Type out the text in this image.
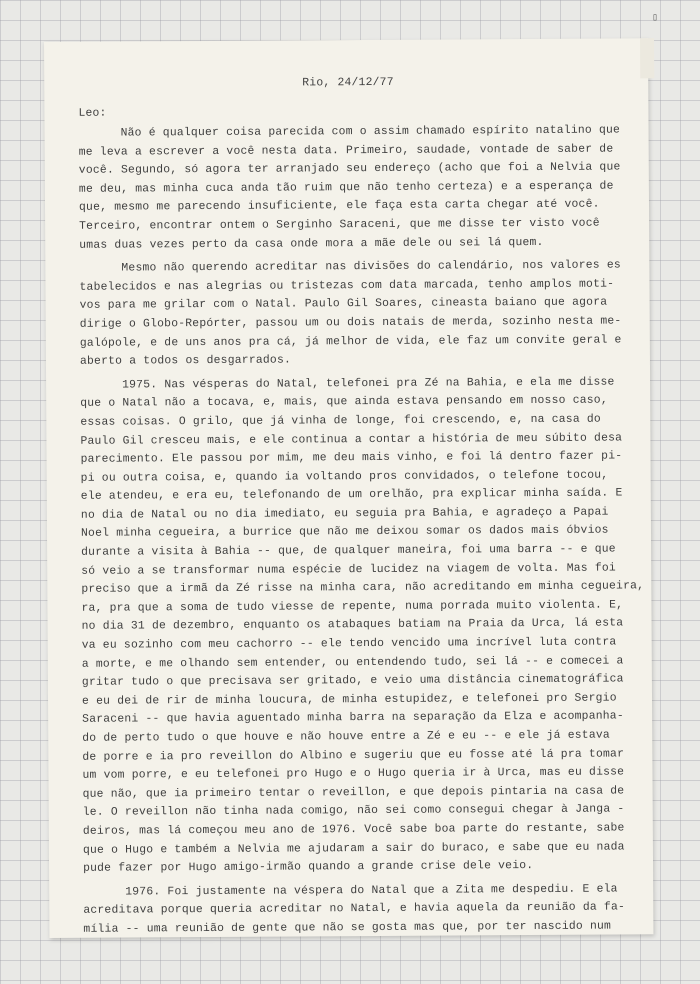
▯
Rio, 24/12/77
Leo:
Não é qualquer coisa parecida com o assim chamado espírito natalino que
me leva a escrever a você nesta data. Primeiro, saudade, vontade de saber de
você. Segundo, só agora ter arranjado seu endereço (acho que foi a Nelvia que
me deu, mas minha cuca anda tão ruim que não tenho certeza) e a esperança de
que, mesmo me parecendo insuficiente, ele faça esta carta chegar até você.
Terceiro, encontrar ontem o Serginho Saraceni, que me disse ter visto você
umas duas vezes perto da casa onde mora a mãe dele ou sei lá quem.
Mesmo não querendo acreditar nas divisões do calendário, nos valores es
tabelecidos e nas alegrias ou tristezas com data marcada, tenho amplos moti-
vos para me grilar com o Natal. Paulo Gil Soares, cineasta baiano que agora
dirige o Globo-Repórter, passou um ou dois natais de merda, sozinho nesta me-
galópole, e de uns anos pra cá, já melhor de vida, ele faz um convite geral e
aberto a todos os desgarrados.
1975. Nas vésperas do Natal, telefonei pra Zé na Bahia, e ela me disse
que o Natal não a tocava, e, mais, que ainda estava pensando em nosso caso,
essas coisas. O grilo, que já vinha de longe, foi crescendo, e, na casa do
Paulo Gil cresceu mais, e ele continua a contar a história de meu súbito desa
parecimento. Ele passou por mim, me deu mais vinho, e foi lá dentro fazer pi-
pi ou outra coisa, e, quando ia voltando pros convidados, o telefone tocou,
ele atendeu, e era eu, telefonando de um orelhão, pra explicar minha saída. E
no dia de Natal ou no dia imediato, eu seguia pra Bahia, e agradeço a Papai
Noel minha cegueira, a burrice que não me deixou somar os dados mais óbvios
durante a visita à Bahia -- que, de qualquer maneira, foi uma barra -- e que
só veio a se transformar numa espécie de lucidez na viagem de volta. Mas foi
preciso que a irmã da Zé risse na minha cara, não acreditando em minha cegueira,
ra, pra que a soma de tudo viesse de repente, numa porrada muito violenta. E,
no dia 31 de dezembro, enquanto os atabaques batiam na Praia da Urca, lá esta
va eu sozinho com meu cachorro -- ele tendo vencido uma incrível luta contra
a morte, e me olhando sem entender, ou entendendo tudo, sei lá -- e comecei a
gritar tudo o que precisava ser gritado, e veio uma distância cinematográfica
e eu dei de rir de minha loucura, de minha estupidez, e telefonei pro Sergio
Saraceni -- que havia aguentado minha barra na separação da Elza e acompanha-
do de perto tudo o que houve e não houve entre a Zé e eu -- e ele já estava
de porre e ia pro reveillon do Albino e sugeriu que eu fosse até lá pra tomar
um vom porre, e eu telefonei pro Hugo e o Hugo queria ir à Urca, mas eu disse
que não, que ia primeiro tentar o reveillon, e que depois pintaria na casa de
le. O reveillon não tinha nada comigo, não sei como consegui chegar à Janga -
deiros, mas lá começou meu ano de 1976. Você sabe boa parte do restante, sabe
que o Hugo e também a Nelvia me ajudaram a sair do buraco, e sabe que eu nada
pude fazer por Hugo amigo-irmão quando a grande crise dele veio.
1976. Foi justamente na véspera do Natal que a Zita me despediu. E ela
acreditava porque queria acreditar no Natal, e havia aquela da reunião da fa-
mília -- uma reunião de gente que não se gosta mas que, por ter nascido num
